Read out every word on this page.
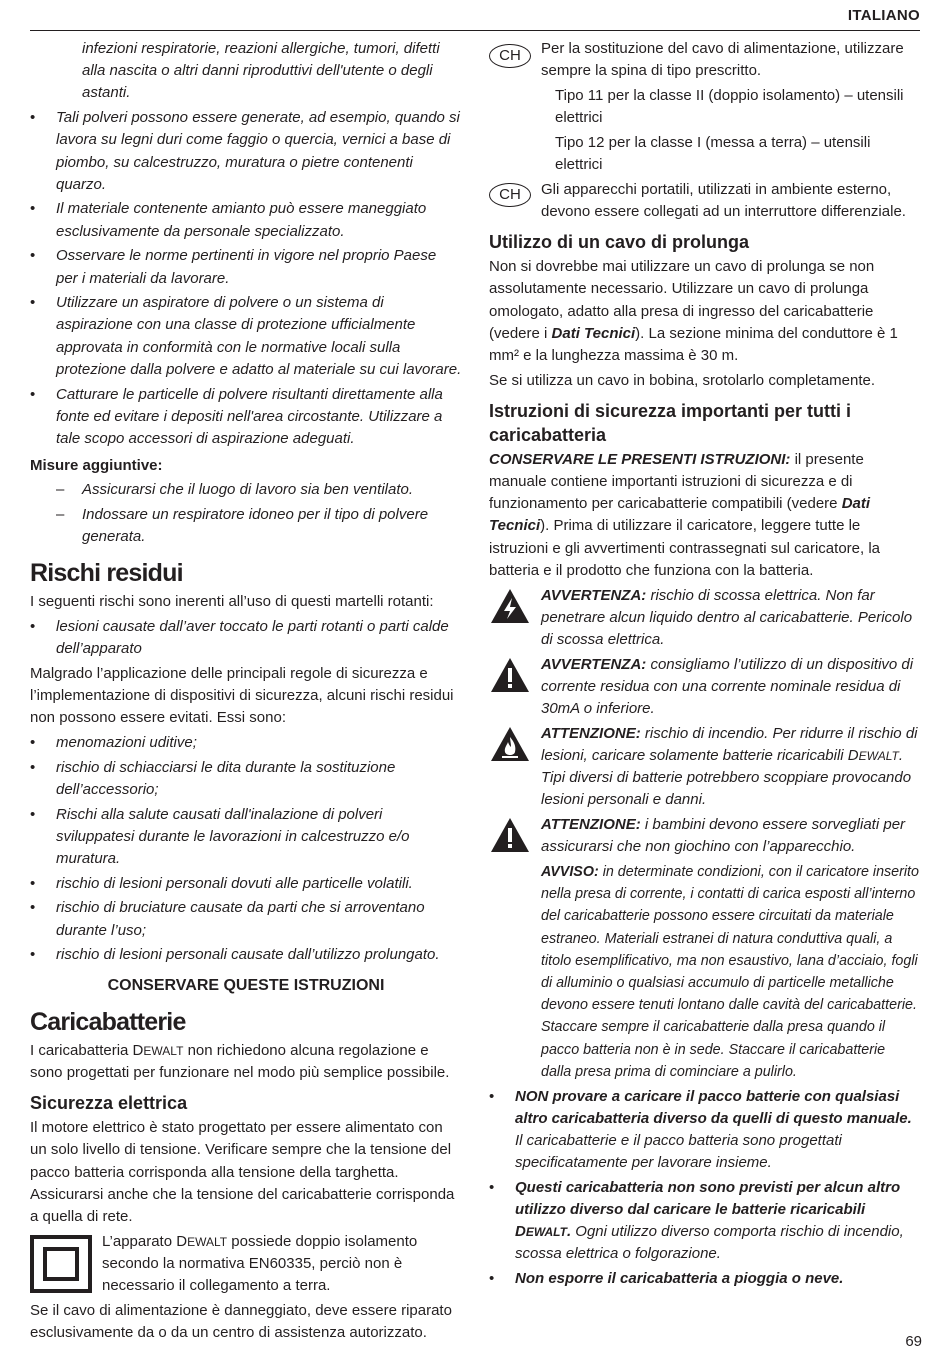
ITALIANO

infezioni respiratorie, reazioni allergiche, tumori, difetti alla nascita o altri danni riproduttivi dell'utente o degli astanti.

• Tali polveri possono essere generate, ad esempio, quando si lavora su legni duri come faggio o quercia, vernici a base di piombo, su calcestruzzo, muratura o pietre contenenti quarzo.
• Il materiale contenente amianto può essere maneggiato esclusivamente da personale specializzato.
• Osservare le norme pertinenti in vigore nel proprio Paese per i materiali da lavorare.
• Utilizzare un aspiratore di polvere o un sistema di aspirazione con una classe di protezione ufficialmente approvata in conformità con le normative locali sulla protezione dalla polvere e adatto al materiale su cui lavorare.
• Catturare le particelle di polvere risultanti direttamente alla fonte ed evitare i depositi nell'area circostante. Utilizzare a tale scopo accessori di aspirazione adeguati.
Misure aggiuntive:
– Assicurarsi che il luogo di lavoro sia ben ventilato.
– Indossare un respiratore idoneo per il tipo di polvere generata.
Rischi residui

I seguenti rischi sono inerenti all’uso di questi martelli rotanti:

• lesioni causate dall’aver toccato le parti rotanti o parti calde dell’apparato

Malgrado l’applicazione delle principali regole di sicurezza e l’implementazione di dispositivi di sicurezza, alcuni rischi residui non possono essere evitati. Essi sono:

• menomazioni uditive;
• rischio di schiacciarsi le dita durante la sostituzione dell’accessorio;
• Rischi alla salute causati dall'inalazione di polveri sviluppatesi durante le lavorazioni in calcestruzzo e/o muratura.
• rischio di lesioni personali dovuti alle particelle volatili.
• rischio di bruciature causate da parti che si arroventano durante l’uso;
• rischio di lesioni personali causate dall’utilizzo prolungato.
CONSERVARE QUESTE ISTRUZIONI
Caricabatterie

I caricabatteria DEWALT non richiedono alcuna regolazione e sono progettati per funzionare nel modo più semplice possibile.

Sicurezza elettrica

Il motore elettrico è stato progettato per essere alimentato con un solo livello di tensione. Verificare sempre che la tensione del pacco batteria corrisponda alla tensione della targhetta. Assicurarsi anche che la tensione del caricabatterie corrisponda a quella di rete.

L’apparato DEWALT possiede doppio isolamento secondo la normativa EN60335, perciò non è necessario il collegamento a terra.

Se il cavo di alimentazione è danneggiato, deve essere riparato esclusivamente da o da un centro di assistenza autorizzato.

CH	Per la sostituzione del cavo di alimentazione, utilizzare sempre la spina di tipo prescritto.

Tipo 11 per la classe II (doppio isolamento) – utensili elettrici

Tipo 12 per la classe I (messa a terra) – utensili elettrici

CH	Gli apparecchi portatili, utilizzati in ambiente esterno, devono essere collegati ad un interruttore differenziale.

Utilizzo di un cavo di prolunga

Non si dovrebbe mai utilizzare un cavo di prolunga se non assolutamente necessario. Utilizzare un cavo di prolunga omologato, adatto alla presa di ingresso del caricabatterie (vedere i Dati Tecnici). La sezione minima del conduttore è 1 mm² e la lunghezza massima è 30 m.

Se si utilizza un cavo in bobina, srotolarlo completamente.

Istruzioni di sicurezza importanti per tutti i caricabatteria

CONSERVARE LE PRESENTI ISTRUZIONI: il presente manuale contiene importanti istruzioni di sicurezza e di funzionamento per caricabatterie compatibili (vedere Dati Tecnici). Prima di utilizzare il caricatore, leggere tutte le istruzioni e gli avvertimenti contrassegnati sul caricatore, la batteria e il prodotto che funziona con la batteria.

AVVERTENZA: rischio di scossa elettrica. Non far penetrare alcun liquido dentro al caricabatterie. Pericolo di scossa elettrica.
AVVERTENZA: consigliamo l’utilizzo di un dispositivo di corrente residua con una corrente nominale residua di 30mA o inferiore.
ATTENZIONE: rischio di incendio. Per ridurre il rischio di lesioni, caricare solamente batterie ricaricabili DEWALT. Tipi diversi di batterie potrebbero scoppiare provocando lesioni personali e danni.
ATTENZIONE: i bambini devono essere sorvegliati per assicurarsi che non giochino con l’apparecchio.

AVVISO: in determinate condizioni, con il caricatore inserito nella presa di corrente, i contatti di carica esposti all’interno del caricabatterie possono essere circuitati da materiale estraneo. Materiali estranei di natura conduttiva quali, a titolo esemplificativo, ma non esaustivo, lana d’acciaio, fogli di alluminio o qualsiasi accumulo di particelle metalliche devono essere tenuti lontano dalle cavità del caricabatterie. Staccare sempre il caricabatterie dalla presa quando il pacco batteria non è in sede. Staccare il caricabatterie dalla presa prima di cominciare a pulirlo.

• NON provare a caricare il pacco batterie con qualsiasi altro caricabatteria diverso da quelli di questo manuale. Il caricabatterie e il pacco batteria sono progettati specificatamente per lavorare insieme.
• Questi caricabatteria non sono previsti per alcun altro utilizzo diverso dal caricare le batterie ricaricabili DEWALT. Ogni utilizzo diverso comporta rischio di incendio, scossa elettrica o folgorazione.
• Non esporre il caricabatteria a pioggia o neve.
69
